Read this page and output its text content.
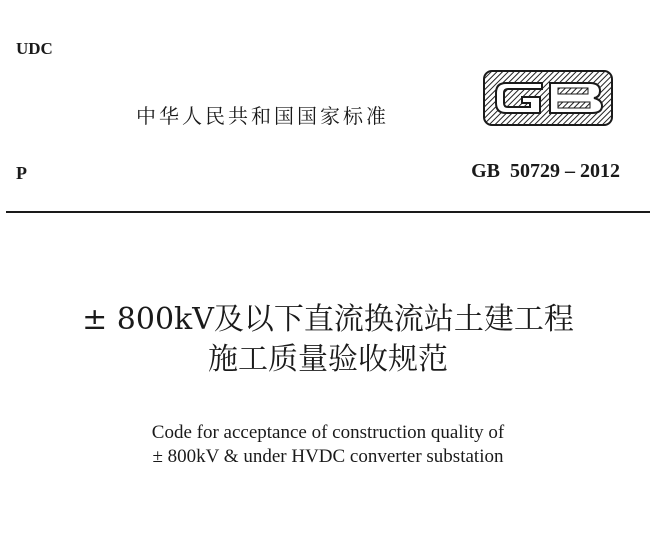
UDC
中华人民共和国国家标准
P	GB  50729 – 2012
± 800kV及以下直流换流站土建工程
施工质量验收规范
Code for acceptance of construction quality of
± 800kV & under HVDC converter substation
